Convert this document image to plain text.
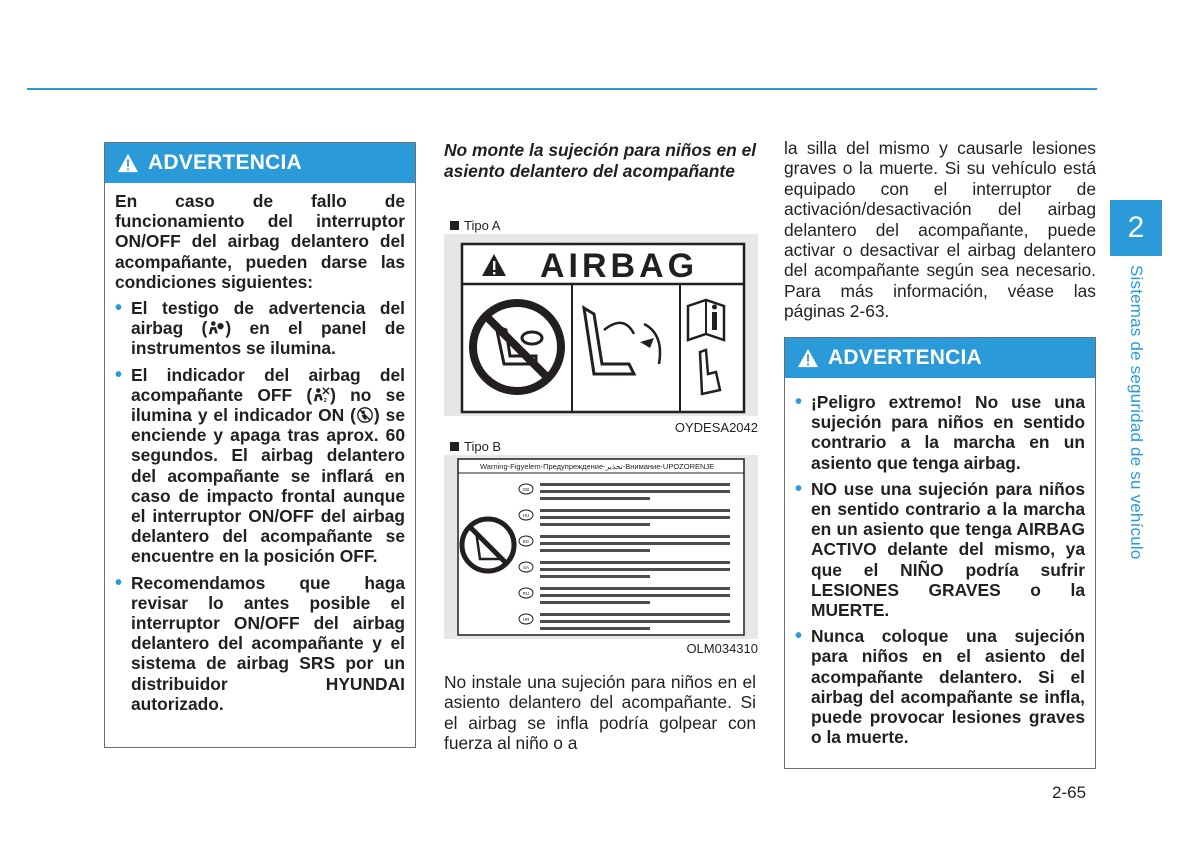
2
Sistemas de seguridad de su vehículo
ADVERTENCIA

En caso de fallo de funcionamiento del interruptor ON/OFF del airbag delantero del acompañante, pueden darse las condiciones siguientes:

• El testigo de advertencia del airbag ( ) en el panel de instrumentos se ilumina.
• El indicador del airbag del acompañante OFF ( 2 ) no se ilumina y el indicador ON ( ) se enciende y apaga tras aprox. 60 segundos. El airbag delantero del acompañante se inflará en caso de impacto frontal aunque el interruptor ON/OFF del airbag delantero del acompañante se encuentre en la posición OFF.
• Recomendamos que haga revisar lo antes posible el interruptor ON/OFF del airbag delantero del acompañante y el sistema de airbag SRS por un distribuidor HYUNDAI autorizado.
No monte la sujeción para niños en el asiento delantero del acompañante
Tipo A
AIRBAG
OYDESA2042
Tipo B
Warning-Figyelem-Предупреждение-تحذير-Внимание-UPOZORENJE
GB
HU
BG
SA
RU
HR
OLM034310
No instale una sujeción para niños en el asiento delantero del acompañante. Si el airbag se infla podría golpear con fuerza al niño o a
la silla del mismo y causarle lesiones graves o la muerte. Si su vehículo está equipado con el interruptor de activación/desactivación del airbag delantero del acompañante, puede activar o desactivar el airbag delantero del acompañante según sea necesario. Para más información, véase las páginas 2-63.
ADVERTENCIA
• ¡Peligro extremo! No use una sujeción para niños en sentido contrario a la marcha en un asiento que tenga airbag.
• NO use una sujeción para niños en sentido contrario a la marcha en un asiento que tenga AIRBAG ACTIVO delante del mismo, ya que el NIÑO podría sufrir LESIONES GRAVES o la MUERTE.
• Nunca coloque una sujeción para niños en el asiento del acompañante delantero. Si el airbag del acompañante se infla, puede provocar lesiones graves o la muerte.
2-65
